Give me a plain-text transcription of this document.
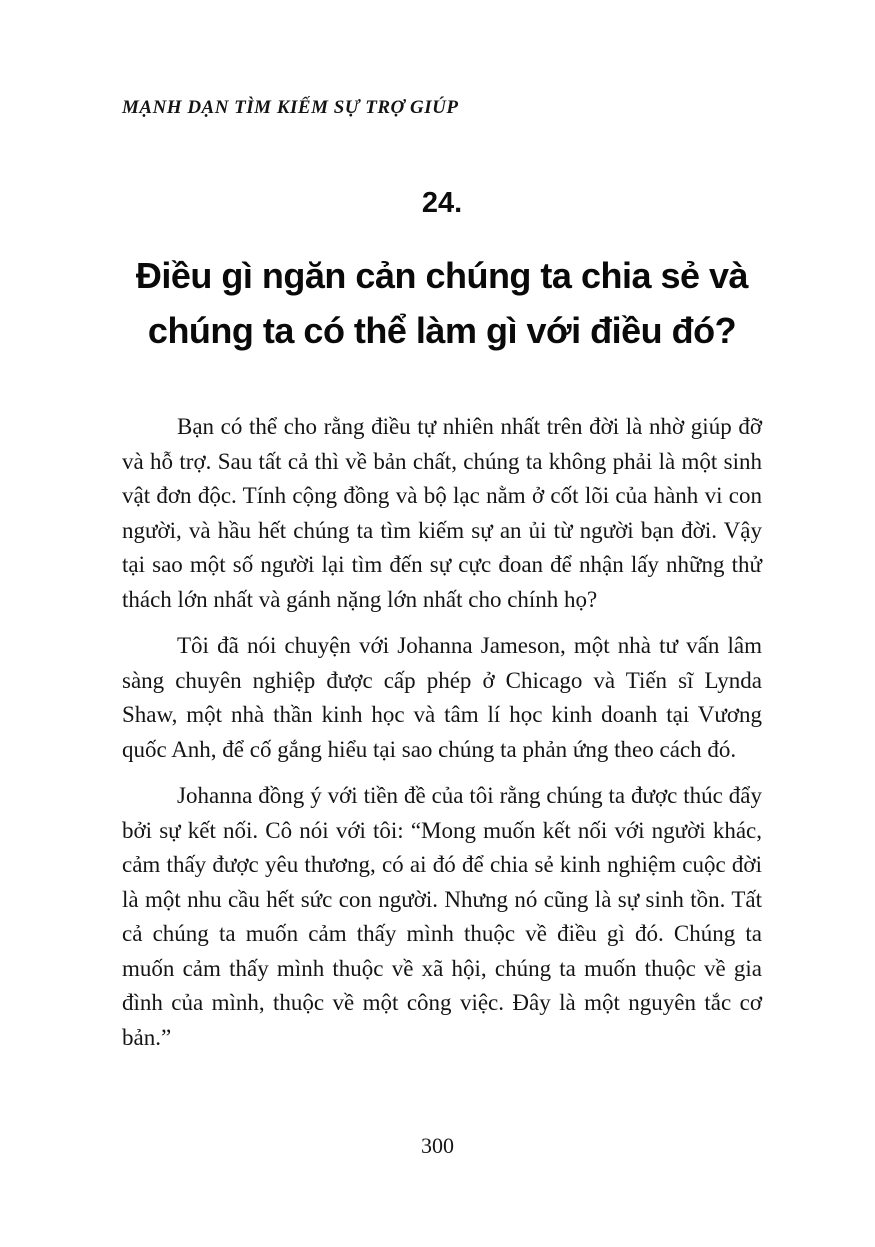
MẠNH DẠN TÌM KIẾM SỰ TRỢ GIÚP
24.
Điều gì ngăn cản chúng ta chia sẻ và chúng ta có thể làm gì với điều đó?

Bạn có thể cho rằng điều tự nhiên nhất trên đời là nhờ giúp đỡ và hỗ trợ. Sau tất cả thì về bản chất, chúng ta không phải là một sinh vật đơn độc. Tính cộng đồng và bộ lạc nằm ở cốt lõi của hành vi con người, và hầu hết chúng ta tìm kiếm sự an ủi từ người bạn đời. Vậy tại sao một số người lại tìm đến sự cực đoan để nhận lấy những thử thách lớn nhất và gánh nặng lớn nhất cho chính họ?

Tôi đã nói chuyện với Johanna Jameson, một nhà tư vấn lâm sàng chuyên nghiệp được cấp phép ở Chicago và Tiến sĩ Lynda Shaw, một nhà thần kinh học và tâm lí học kinh doanh tại Vương quốc Anh, để cố gắng hiểu tại sao chúng ta phản ứng theo cách đó.

Johanna đồng ý với tiền đề của tôi rằng chúng ta được thúc đẩy bởi sự kết nối. Cô nói với tôi: “Mong muốn kết nối với người khác, cảm thấy được yêu thương, có ai đó để chia sẻ kinh nghiệm cuộc đời là một nhu cầu hết sức con người. Nhưng nó cũng là sự sinh tồn. Tất cả chúng ta muốn cảm thấy mình thuộc về điều gì đó. Chúng ta muốn cảm thấy mình thuộc về xã hội, chúng ta muốn thuộc về gia đình của mình, thuộc về một công việc. Đây là một nguyên tắc cơ bản.”

300
